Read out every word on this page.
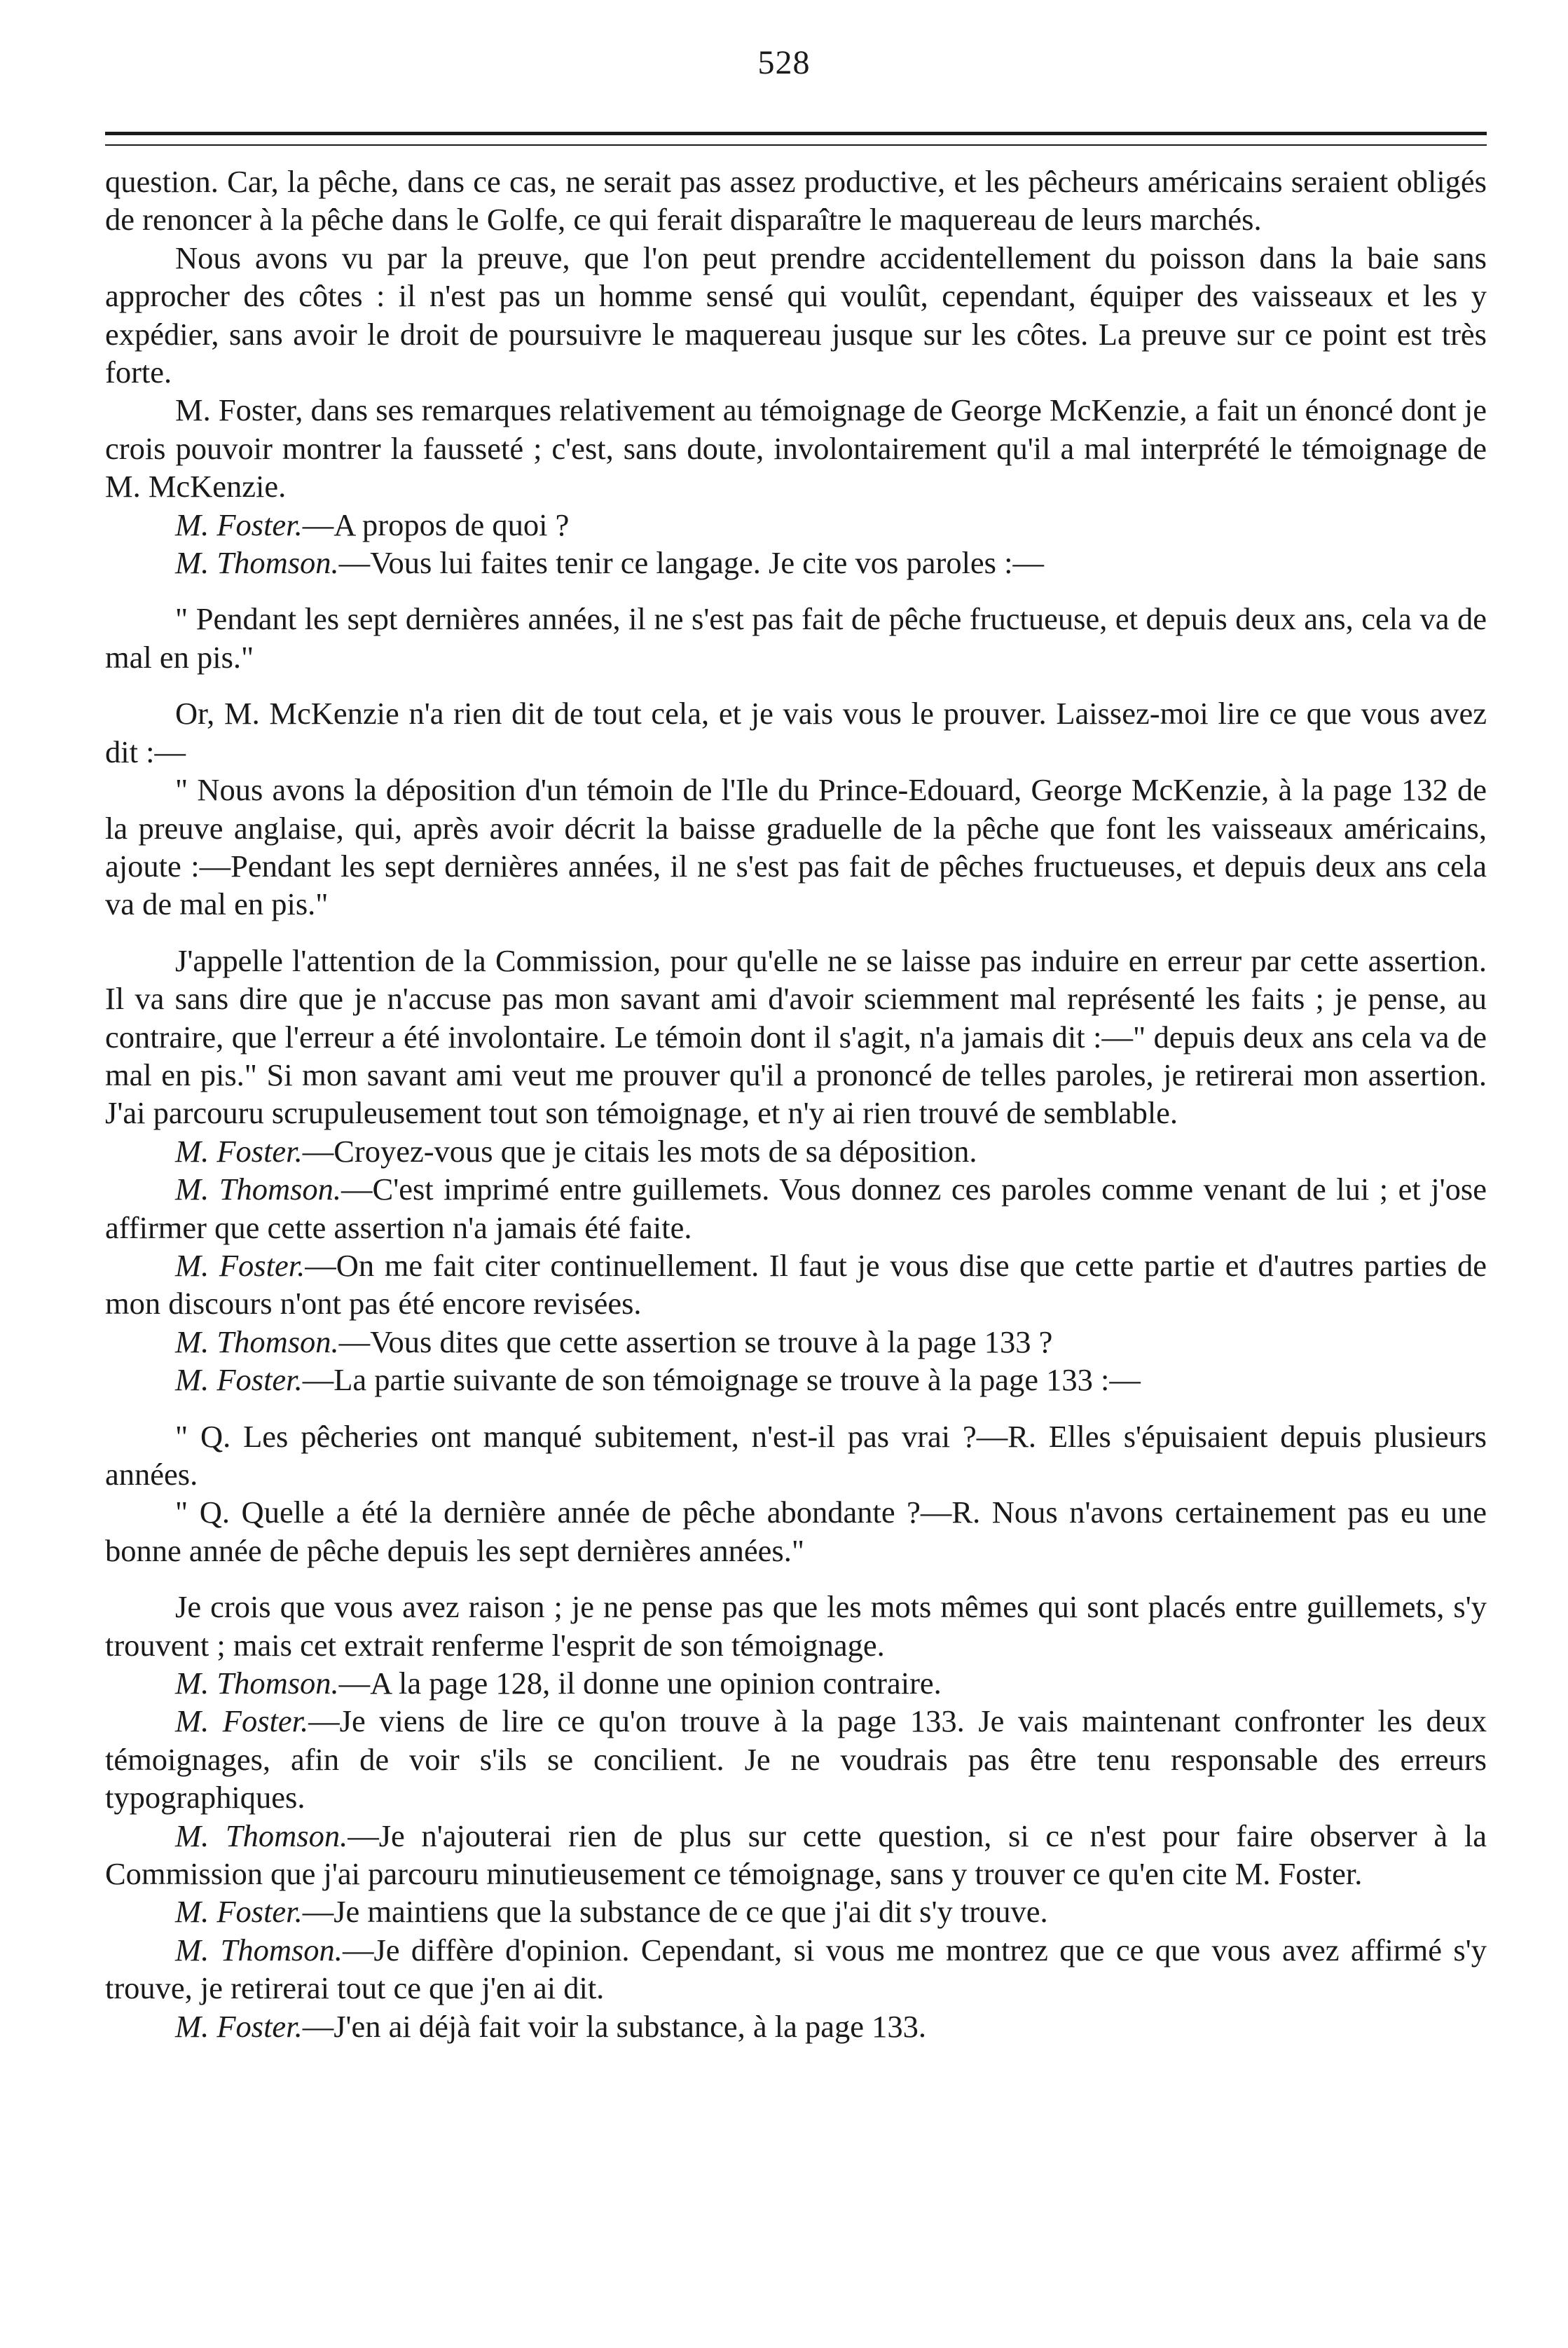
528

question. Car, la pêche, dans ce cas, ne serait pas assez productive, et les pêcheurs américains seraient obligés de renoncer à la pêche dans le Golfe, ce qui ferait disparaître le maquereau de leurs marchés.

Nous avons vu par la preuve, que l'on peut prendre accidentellement du poisson dans la baie sans approcher des côtes : il n'est pas un homme sensé qui voulût, cependant, équiper des vaisseaux et les y expédier, sans avoir le droit de poursuivre le maquereau jusque sur les côtes. La preuve sur ce point est très forte.

M. Foster, dans ses remarques relativement au témoignage de George McKenzie, a fait un énoncé dont je crois pouvoir montrer la fausseté ; c'est, sans doute, involontairement qu'il a mal interprété le témoignage de M. McKenzie.

M. Foster.—A propos de quoi ?

M. Thomson.—Vous lui faites tenir ce langage. Je cite vos paroles :—

" Pendant les sept dernières années, il ne s'est pas fait de pêche fructueuse, et depuis deux ans, cela va de mal en pis."

Or, M. McKenzie n'a rien dit de tout cela, et je vais vous le prouver. Laissez-moi lire ce que vous avez dit :—

" Nous avons la déposition d'un témoin de l'Ile du Prince-Edouard, George McKenzie, à la page 132 de la preuve anglaise, qui, après avoir décrit la baisse graduelle de la pêche que font les vaisseaux américains, ajoute :—Pendant les sept dernières années, il ne s'est pas fait de pêches fructueuses, et depuis deux ans cela va de mal en pis."

J'appelle l'attention de la Commission, pour qu'elle ne se laisse pas induire en erreur par cette assertion. Il va sans dire que je n'accuse pas mon savant ami d'avoir sciemment mal représenté les faits ; je pense, au contraire, que l'erreur a été involontaire. Le témoin dont il s'agit, n'a jamais dit :—" depuis deux ans cela va de mal en pis." Si mon savant ami veut me prouver qu'il a prononcé de telles paroles, je retirerai mon assertion. J'ai parcouru scrupuleusement tout son témoignage, et n'y ai rien trouvé de semblable.

M. Foster.—Croyez-vous que je citais les mots de sa déposition.

M. Thomson.—C'est imprimé entre guillemets. Vous donnez ces paroles comme venant de lui ; et j'ose affirmer que cette assertion n'a jamais été faite.

M. Foster.—On me fait citer continuellement. Il faut je vous dise que cette partie et d'autres parties de mon discours n'ont pas été encore revisées.

M. Thomson.—Vous dites que cette assertion se trouve à la page 133 ?

M. Foster.—La partie suivante de son témoignage se trouve à la page 133 :—

" Q. Les pêcheries ont manqué subitement, n'est-il pas vrai ?—R. Elles s'épuisaient depuis plusieurs années.

" Q. Quelle a été la dernière année de pêche abondante ?—R. Nous n'avons certainement pas eu une bonne année de pêche depuis les sept dernières années."

Je crois que vous avez raison ; je ne pense pas que les mots mêmes qui sont placés entre guillemets, s'y trouvent ; mais cet extrait renferme l'esprit de son témoignage.

M. Thomson.—A la page 128, il donne une opinion contraire.

M. Foster.—Je viens de lire ce qu'on trouve à la page 133. Je vais maintenant confronter les deux témoignages, afin de voir s'ils se concilient. Je ne voudrais pas être tenu responsable des erreurs typographiques.

M. Thomson.—Je n'ajouterai rien de plus sur cette question, si ce n'est pour faire observer à la Commission que j'ai parcouru minutieusement ce témoignage, sans y trouver ce qu'en cite M. Foster.

M. Foster.—Je maintiens que la substance de ce que j'ai dit s'y trouve.

M. Thomson.—Je diffère d'opinion. Cependant, si vous me montrez que ce que vous avez affirmé s'y trouve, je retirerai tout ce que j'en ai dit.

M. Foster.—J'en ai déjà fait voir la substance, à la page 133.
